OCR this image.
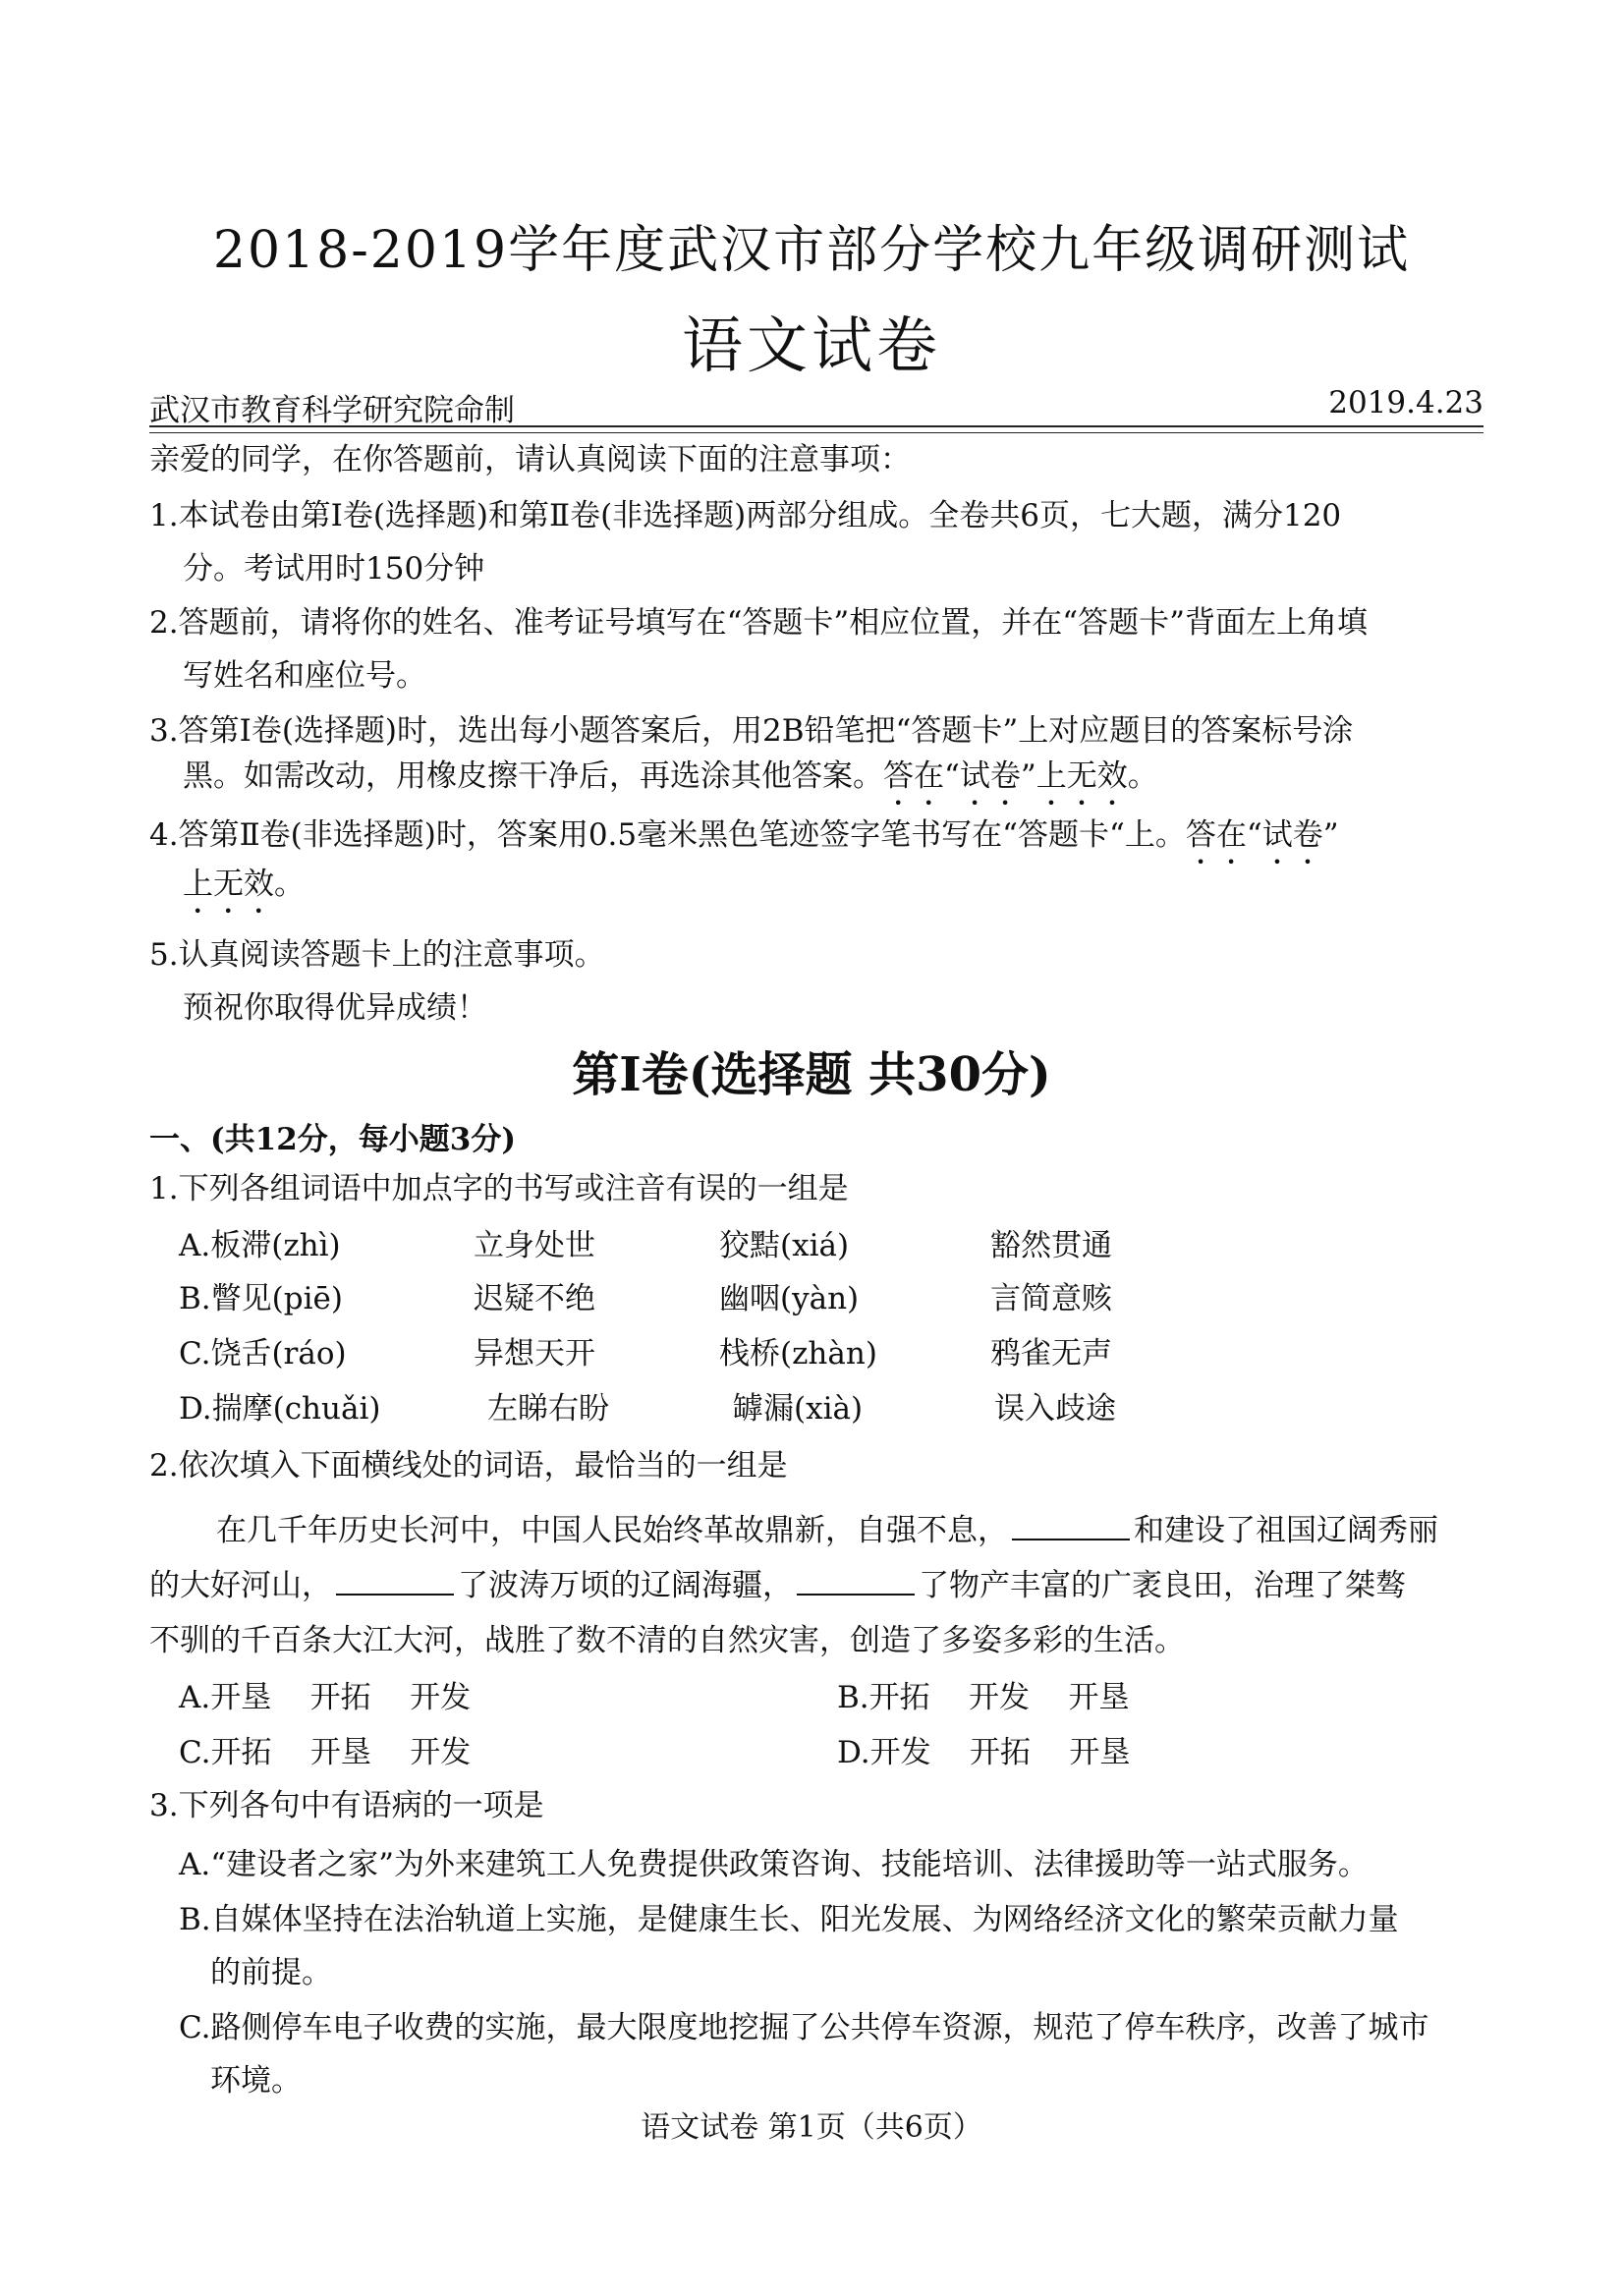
2018-2019学年度武汉市部分学校九年级调研测试
语文试卷
武汉市教育科学研究院命制	2019.4.23
亲爱的同学，在你答题前，请认真阅读下面的注意事项：
1.本试卷由第Ⅰ卷(选择题)和第Ⅱ卷(非选择题)两部分组成。全卷共6页，七大题，满分120
分。考试用时150分钟
2.答题前，请将你的姓名、准考证号填写在“答题卡”相应位置，并在“答题卡”背面左上角填
写姓名和座位号。
3.答第Ⅰ卷(选择题)时，选出每小题答案后，用2B铅笔把“答题卡”上对应题目的答案标号涂
黑。如需改动，用橡皮擦干净后，再选涂其他答案。答在“试卷”上无效。
4.答第Ⅱ卷(非选择题)时，答案用0.5毫米黑色笔迹签字笔书写在“答题卡“上。答在“试卷”
上无效。
5.认真阅读答题卡上的注意事项。
预祝你取得优异成绩！
第Ⅰ卷(选择题 共30分)
一、(共12分，每小题3分)
1.下列各组词语中加点字的书写或注音有误的一组是
A.板滞(zhì)	立身处世	狡黠(xiá)	豁然贯通
B.瞥见(piē)	迟疑不绝	幽咽(yàn)	言简意赅
C.饶舌(ráo)	异想天开	栈桥(zhàn)	鸦雀无声
D.揣摩(chuǎi)	左睇右盼	罅漏(xià)	误入歧途
2.依次填入下面横线处的词语，最恰当的一组是
在几千年历史长河中，中国人民始终革故鼎新，自强不息，	和建设了祖国辽阔秀丽
的大好河山，	了波涛万顷的辽阔海疆，	了物产丰富的广袤良田，治理了桀骜
不驯的千百条大江大河，战胜了数不清的自然灾害，创造了多姿多彩的生活。
A.开垦    开拓    开发	B.开拓    开发    开垦
C.开拓    开垦    开发	D.开发    开拓    开垦
3.下列各句中有语病的一项是
A.“建设者之家”为外来建筑工人免费提供政策咨询、技能培训、法律援助等一站式服务。
B.自媒体坚持在法治轨道上实施，是健康生长、阳光发展、为网络经济文化的繁荣贡献力量
的前提。
C.路侧停车电子收费的实施，最大限度地挖掘了公共停车资源，规范了停车秩序，改善了城市
环境。
语文试卷 第1页（共6页）
